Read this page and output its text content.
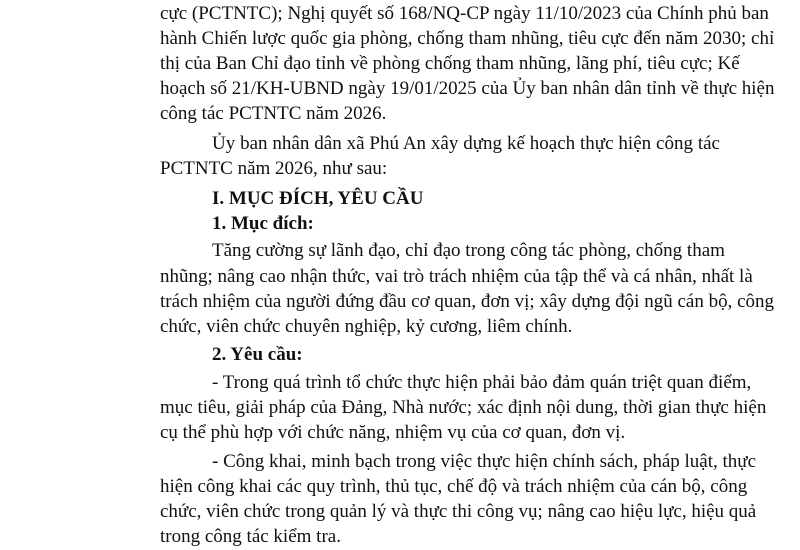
cực (PCTNTC); Nghị quyết số 168/NQ-CP ngày 11/10/2023 của Chính phủ ban
hành Chiến lược quốc gia phòng, chống tham nhũng, tiêu cực đến năm 2030; chỉ
thị của Ban Chỉ đạo tỉnh về phòng chống tham nhũng, lãng phí, tiêu cực; Kế
hoạch số 21/KH-UBND ngày 19/01/2025 của Ủy ban nhân dân tỉnh về thực hiện
công tác PCTNTC năm 2026.
Ủy ban nhân dân xã Phú An xây dựng kế hoạch thực hiện công tác
PCTNTC năm 2026, như sau:
I. MỤC ĐÍCH, YÊU CẦU
1. Mục đích:
Tăng cường sự lãnh đạo, chỉ đạo trong công tác phòng, chống tham
nhũng; nâng cao nhận thức, vai trò trách nhiệm của tập thể và cá nhân, nhất là
trách nhiệm của người đứng đầu cơ quan, đơn vị; xây dựng đội ngũ cán bộ, công
chức, viên chức chuyên nghiệp, kỷ cương, liêm chính.
2. Yêu cầu:
- Trong quá trình tổ chức thực hiện phải bảo đảm quán triệt quan điểm,
mục tiêu, giải pháp của Đảng, Nhà nước; xác định nội dung, thời gian thực hiện
cụ thể phù hợp với chức năng, nhiệm vụ của cơ quan, đơn vị.
- Công khai, minh bạch trong việc thực hiện chính sách, pháp luật, thực
hiện công khai các quy trình, thủ tục, chế độ và trách nhiệm của cán bộ, công
chức, viên chức trong quản lý và thực thi công vụ; nâng cao hiệu lực, hiệu quả
trong công tác kiểm tra.
